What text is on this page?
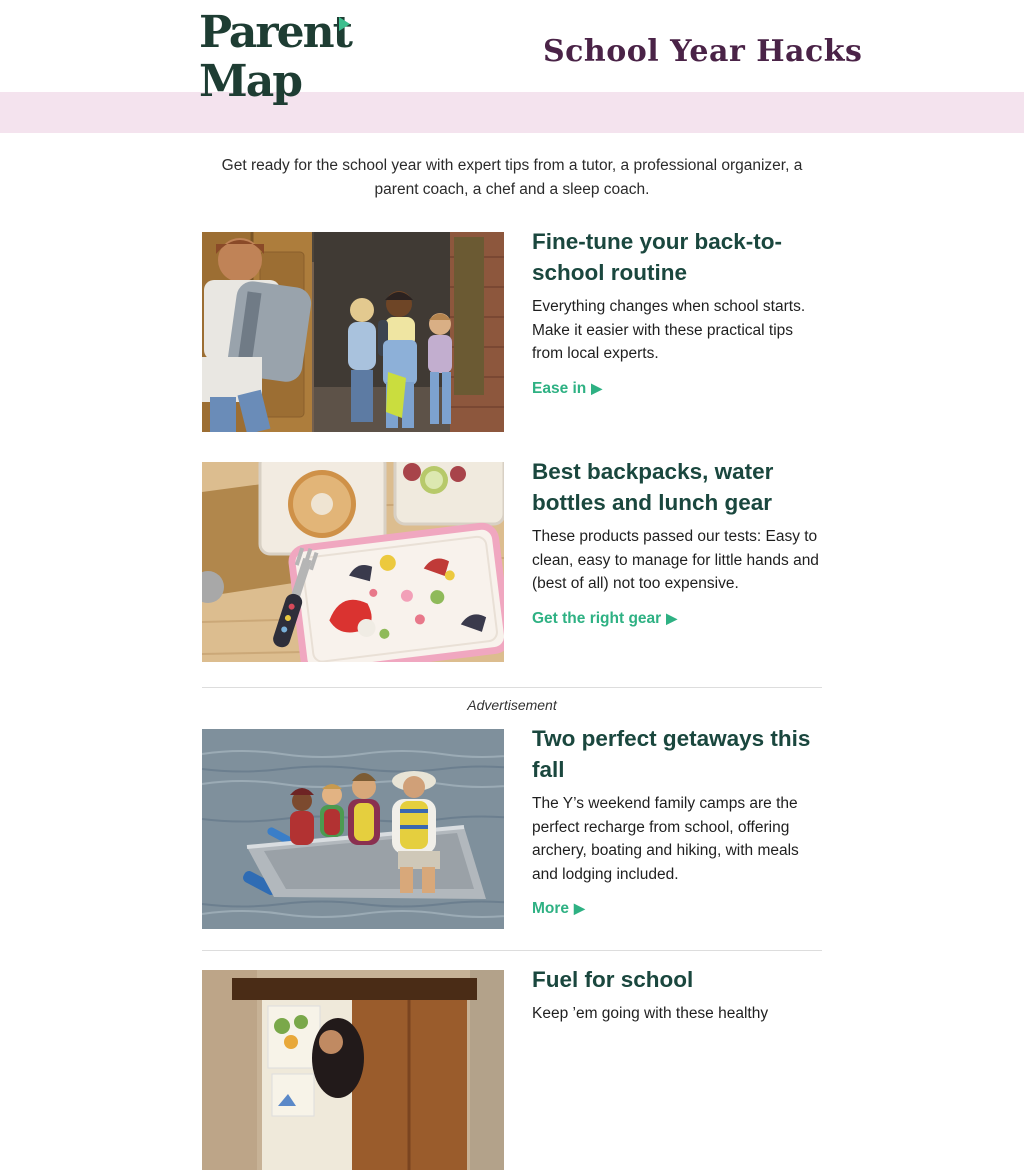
Parent
Map
School Year Hacks

Get ready for the school year with expert tips from a tutor, a professional organizer, a parent coach, a chef and a sleep coach.

Fine-tune your back-to-school routine

Everything changes when school starts. Make it easier with these practical tips from local experts.

Ease in ▶
Best backpacks, water bottles and lunch gear

These products passed our tests: Easy to clean, easy to manage for little hands and (best of all) not too expensive.

Get the right gear ▶
Advertisement
Two perfect getaways this fall

The Y’s weekend family camps are the perfect recharge from school, offering archery, boating and hiking, with meals and lodging included.

More ▶
Fuel for school

Keep ’em going with these healthy
